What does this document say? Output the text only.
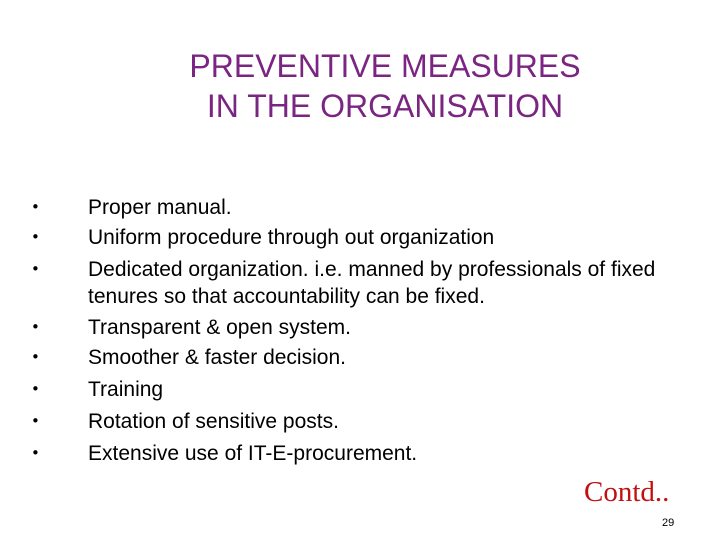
PREVENTIVE MEASURES
IN THE ORGANISATION
• Proper manual.
• Uniform procedure through out organization
• Dedicated organization. i.e. manned by professionals of fixed tenures so that accountability can be fixed.
• Transparent & open system.
• Smoother & faster decision.
• Training
• Rotation of sensitive posts.
• Extensive use of IT-E-procurement.
Contd..
29
